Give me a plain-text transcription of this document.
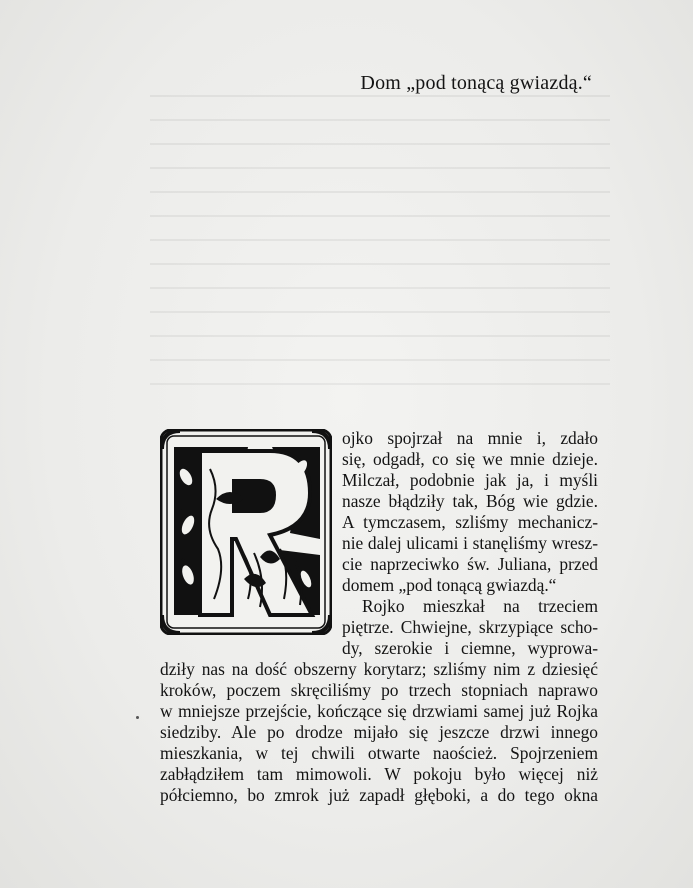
Dom „pod tonącą gwiazdą.“
ojko spojrzał na mnie i, zdało
się, odgadł, co się we mnie dzieje.
Milczał, podobnie jak ja, i myśli
nasze błądziły tak, Bóg wie gdzie.
A tymczasem, szliśmy mechanicz-
nie dalej ulicami i stanęliśmy wresz-
cie naprzeciwko św. Juliana, przed
domem „pod tonącą gwiazdą.“
Rojko mieszkał na trzeciem
piętrze. Chwiejne, skrzypiące scho-
dy, szerokie i ciemne, wyprowa-
dziły nas na dość obszerny korytarz; szliśmy nim z dziesięć
kroków, poczem skręciliśmy po trzech stopniach naprawo
w mniejsze przejście, kończące się drzwiami samej już Rojka
siedziby. Ale po drodze mijało się jeszcze drzwi innego
mieszkania, w tej chwili otwarte naoścież. Spojrzeniem
zabłądziłem tam mimowoli. W pokoju było więcej niż
półciemno, bo zmrok już zapadł głęboki, a do tego okna
